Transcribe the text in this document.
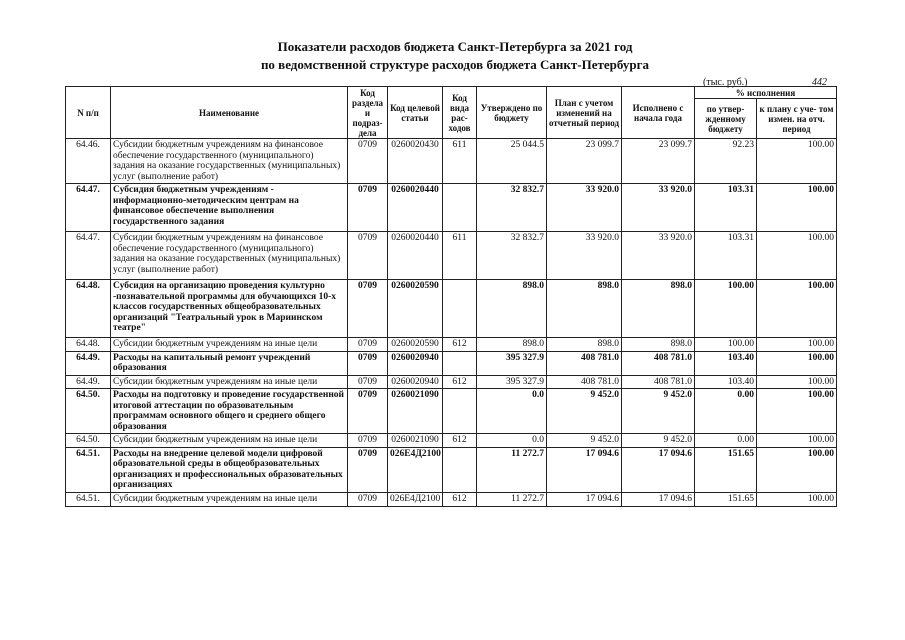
Показатели расходов бюджета Санкт-Петербурга за 2021 год
по ведомственной структуре расходов бюджета Санкт-Петербурга
(тыс. руб.)	442
N п/п	Наименование	Код раздела и подраз- дела	Код целевой статьи	Код вида рас- ходов	Утверждено по бюджету	План с учетом изменений на отчетный период	Исполнено с начала года	% исполнения	
								по утвер- жденному бюджету	к плану с уче- том измен. на отч. период
64.46.	Субсидии бюджетным учреждениям на финансовое обеспечение государственного (муниципального) задания на оказание государственных (муниципальных) услуг (выполнение работ)	0709	0260020430	611	25 044.5	23 099.7	23 099.7	92.23	100.00
64.47.	Субсидия бюджетным учреждениям - информационно-методическим центрам на финансовое обеспечение выполнения государственного задания	0709	0260020440		32 832.7	33 920.0	33 920.0	103.31	100.00
64.47.	Субсидии бюджетным учреждениям на финансовое обеспечение государственного (муниципального) задания на оказание государственных (муниципальных) услуг (выполнение работ)	0709	0260020440	611	32 832.7	33 920.0	33 920.0	103.31	100.00
64.48.	Субсидия на организацию проведения культурно -познавательной программы для обучающихся 10-х классов государственных общеобразовательных организаций "Театральный урок в Мариинском театре"	0709	0260020590		898.0	898.0	898.0	100.00	100.00
64.48.	Субсидии бюджетным учреждениям на иные цели	0709	0260020590	612	898.0	898.0	898.0	100.00	100.00
64.49.	Расходы на капитальный ремонт учреждений образования	0709	0260020940		395 327.9	408 781.0	408 781.0	103.40	100.00
64.49.	Субсидии бюджетным учреждениям на иные цели	0709	0260020940	612	395 327.9	408 781.0	408 781.0	103.40	100.00
64.50.	Расходы на подготовку и проведение государственной итоговой аттестации по образовательным программам основного общего и среднего общего образования	0709	0260021090		0.0	9 452.0	9 452.0	0.00	100.00
64.50.	Субсидии бюджетным учреждениям на иные цели	0709	0260021090	612	0.0	9 452.0	9 452.0	0.00	100.00
64.51.	Расходы на внедрение целевой модели цифровой образовательной среды в общеобразовательных организациях и профессиональных образовательных организациях	0709	026E4Д2100		11 272.7	17 094.6	17 094.6	151.65	100.00
64.51.	Субсидии бюджетным учреждениям на иные цели	0709	026E4Д2100	612	11 272.7	17 094.6	17 094.6	151.65	100.00
